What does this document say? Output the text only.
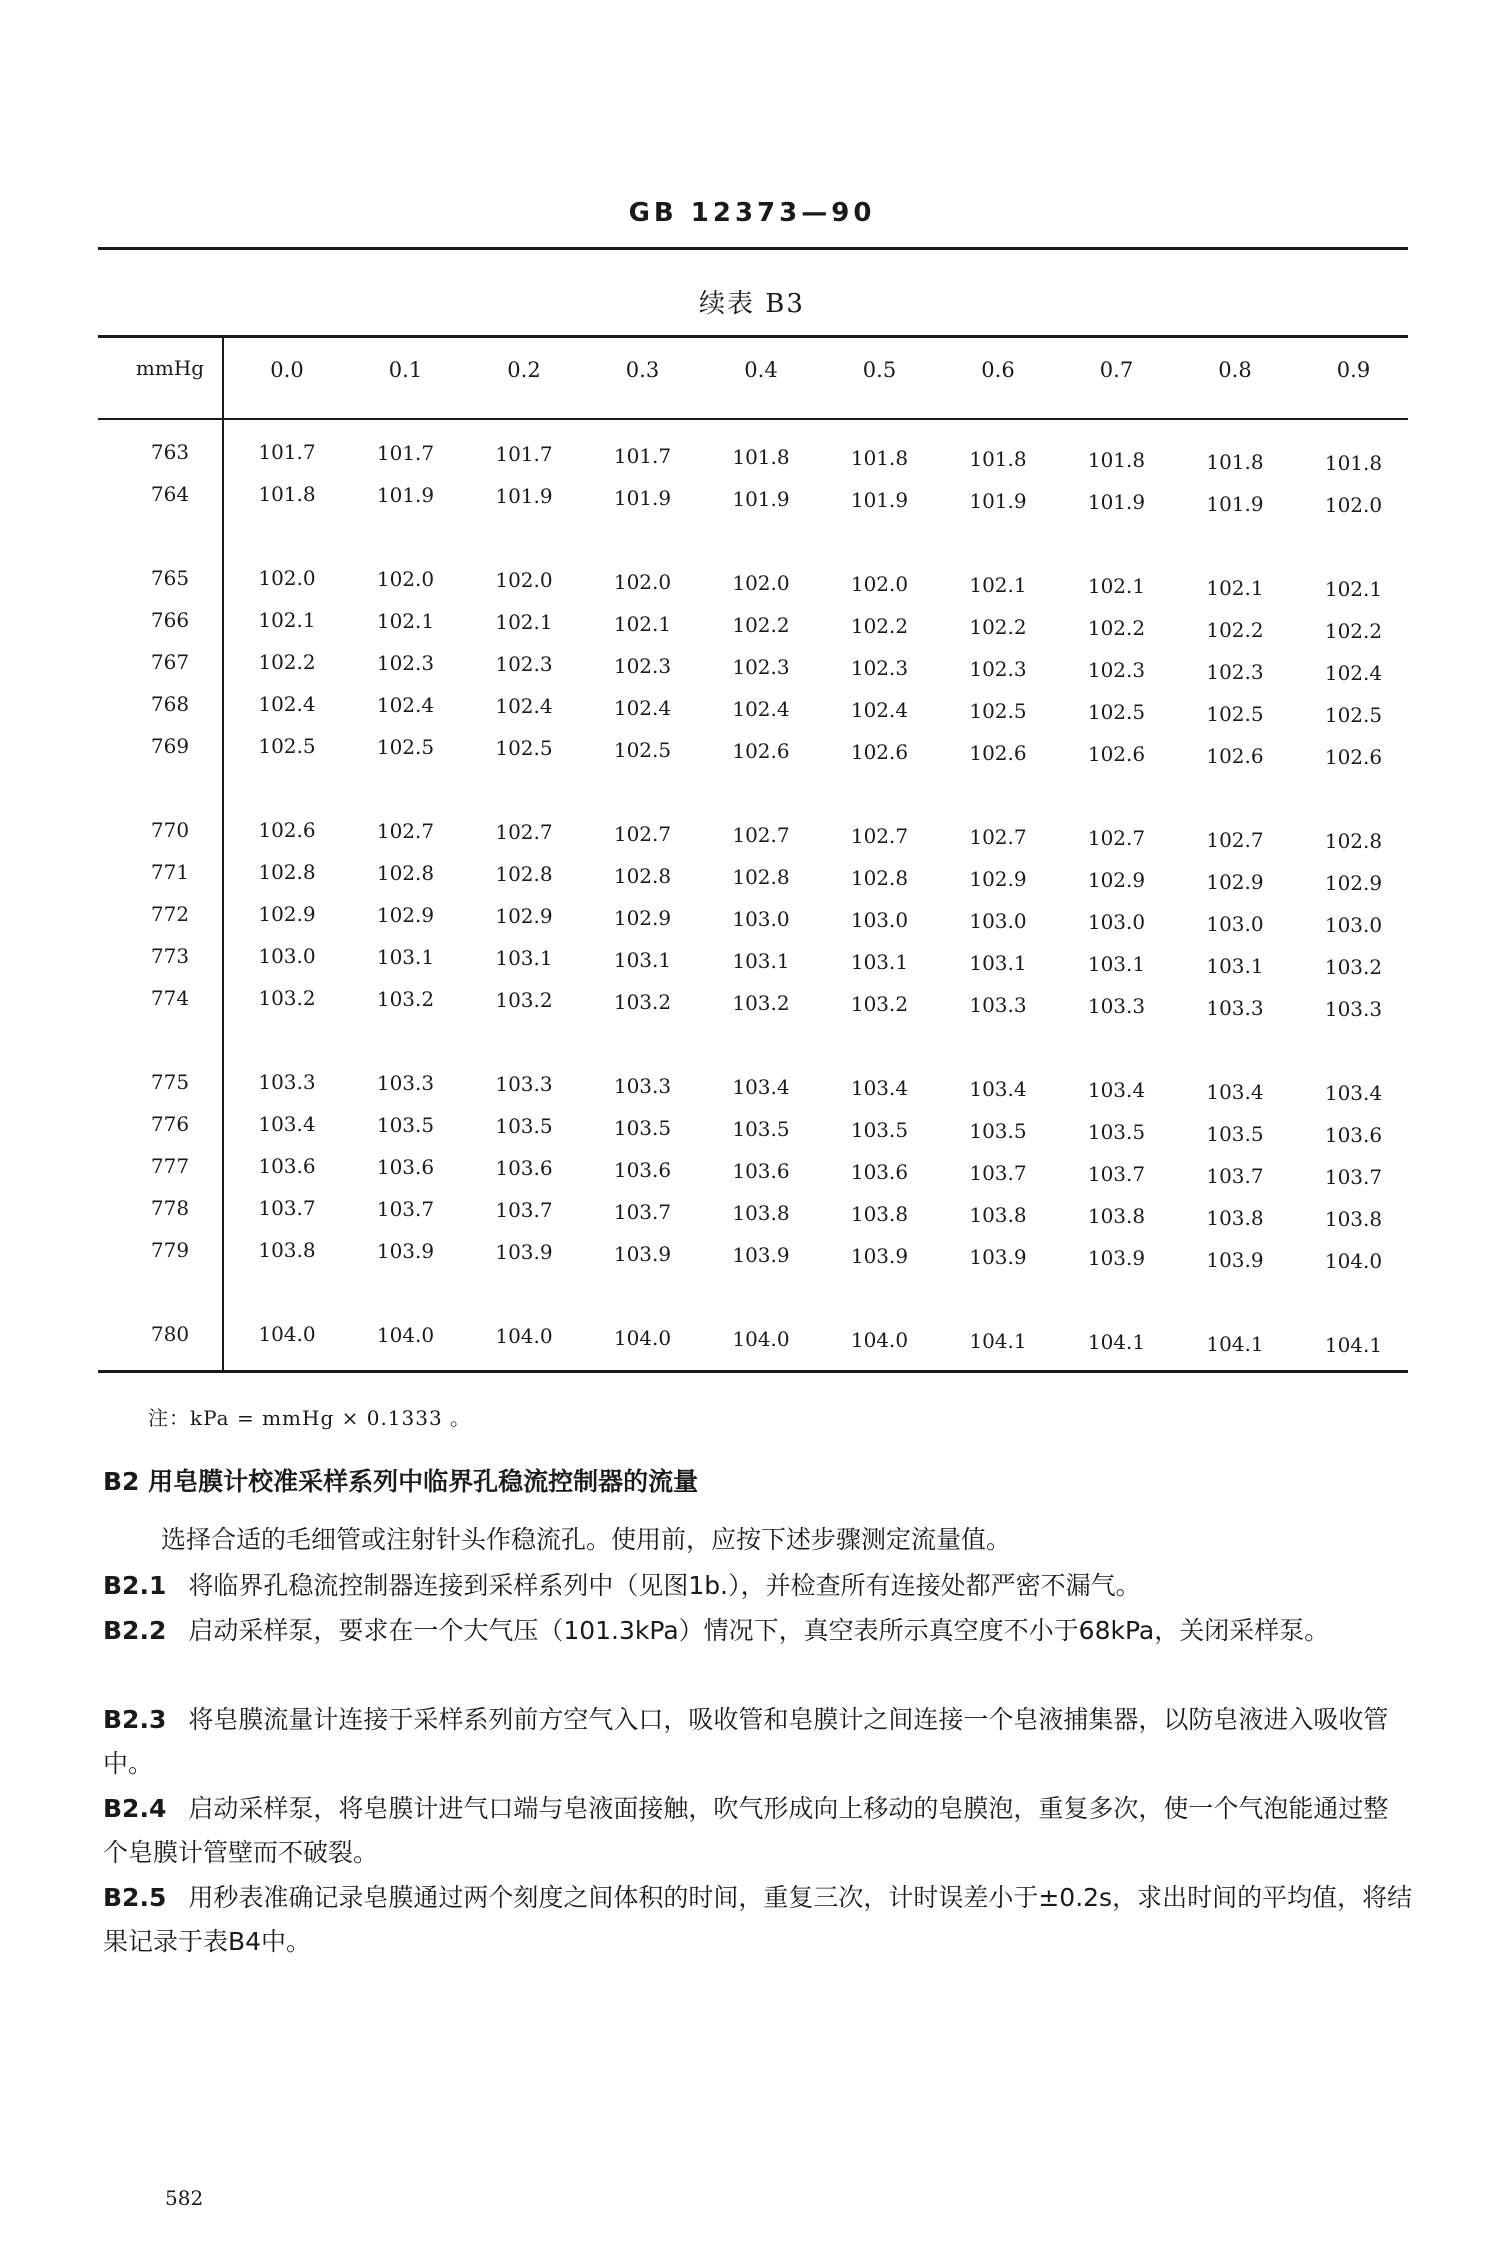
GB 12373—90
续表 B3
mmHg	0.0	0.1	0.2	0.3	0.4	0.5	0.6	0.7	0.8	0.9
763	101.7	101.7	101.7	101.7	101.8	101.8	101.8	101.8	101.8	101.8
764	101.8	101.9	101.9	101.9	101.9	101.9	101.9	101.9	101.9	102.0
765	102.0	102.0	102.0	102.0	102.0	102.0	102.1	102.1	102.1	102.1
766	102.1	102.1	102.1	102.1	102.2	102.2	102.2	102.2	102.2	102.2
767	102.2	102.3	102.3	102.3	102.3	102.3	102.3	102.3	102.3	102.4
768	102.4	102.4	102.4	102.4	102.4	102.4	102.5	102.5	102.5	102.5
769	102.5	102.5	102.5	102.5	102.6	102.6	102.6	102.6	102.6	102.6
770	102.6	102.7	102.7	102.7	102.7	102.7	102.7	102.7	102.7	102.8
771	102.8	102.8	102.8	102.8	102.8	102.8	102.9	102.9	102.9	102.9
772	102.9	102.9	102.9	102.9	103.0	103.0	103.0	103.0	103.0	103.0
773	103.0	103.1	103.1	103.1	103.1	103.1	103.1	103.1	103.1	103.2
774	103.2	103.2	103.2	103.2	103.2	103.2	103.3	103.3	103.3	103.3
775	103.3	103.3	103.3	103.3	103.4	103.4	103.4	103.4	103.4	103.4
776	103.4	103.5	103.5	103.5	103.5	103.5	103.5	103.5	103.5	103.6
777	103.6	103.6	103.6	103.6	103.6	103.6	103.7	103.7	103.7	103.7
778	103.7	103.7	103.7	103.7	103.8	103.8	103.8	103.8	103.8	103.8
779	103.8	103.9	103.9	103.9	103.9	103.9	103.9	103.9	103.9	104.0
780	104.0	104.0	104.0	104.0	104.0	104.0	104.1	104.1	104.1	104.1
注：kPa = mmHg × 0.1333 。
B2 用皂膜计校准采样系列中临界孔稳流控制器的流量
选择合适的毛细管或注射针头作稳流孔。使用前，应按下述步骤测定流量值。
B2.1 将临界孔稳流控制器连接到采样系列中（见图1b.），并检查所有连接处都严密不漏气。
B2.2 启动采样泵，要求在一个大气压（101.3kPa）情况下，真空表所示真空度不小于68kPa，关闭采样泵。
B2.3 将皂膜流量计连接于采样系列前方空气入口，吸收管和皂膜计之间连接一个皂液捕集器，以防皂液进入吸收管中。
B2.4 启动采样泵，将皂膜计进气口端与皂液面接触，吹气形成向上移动的皂膜泡，重复多次，使一个气泡能通过整个皂膜计管壁而不破裂。
B2.5 用秒表准确记录皂膜通过两个刻度之间体积的时间，重复三次，计时误差小于±0.2s，求出时间的平均值，将结果记录于表B4中。
582
